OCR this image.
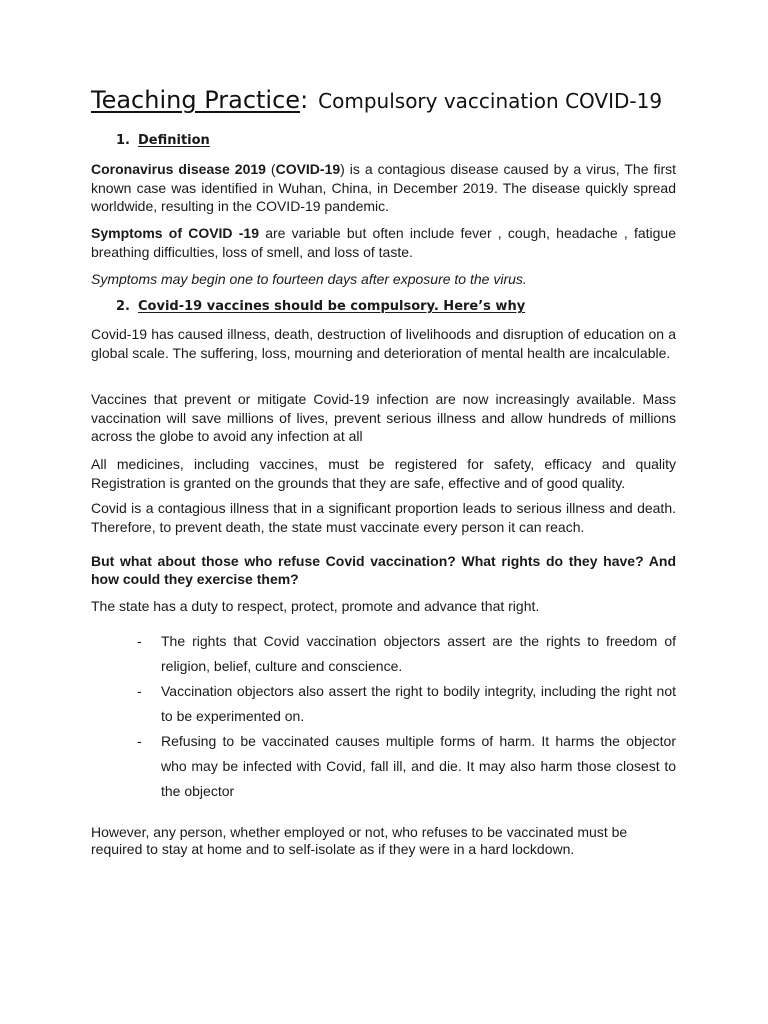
Teaching Practice: Compulsory vaccination COVID-19
1. Definition
Coronavirus disease 2019 (COVID-19) is a contagious disease caused by a virus, The first known case was identified in Wuhan, China, in December 2019. The disease quickly spread worldwide, resulting in the COVID-19 pandemic.
Symptoms of COVID -19 are variable but often include fever , cough, headache , fatigue breathing difficulties, loss of smell, and loss of taste.
Symptoms may begin one to fourteen days after exposure to the virus.
2. Covid-19 vaccines should be compulsory. Here’s why
Covid-19 has caused illness, death, destruction of livelihoods and disruption of education on a global scale. The suffering, loss, mourning and deterioration of mental health are incalculable.
Vaccines that prevent or mitigate Covid-19 infection are now increasingly available. Mass vaccination will save millions of lives, prevent serious illness and allow hundreds of millions across the globe to avoid any infection at all
All medicines, including vaccines, must be registered for safety, efficacy and quality Registration is granted on the grounds that they are safe, effective and of good quality.
Covid is a contagious illness that in a significant proportion leads to serious illness and death. Therefore, to prevent death, the state must vaccinate every person it can reach.
But what about those who refuse Covid vaccination? What rights do they have? And how could they exercise them?
The state has a duty to respect, protect, promote and advance that right.
- The rights that Covid vaccination objectors assert are the rights to freedom of religion, belief, culture and conscience.
- Vaccination objectors also assert the right to bodily integrity, including the right not to be experimented on.
- Refusing to be vaccinated causes multiple forms of harm. It harms the objector who may be infected with Covid, fall ill, and die. It may also harm those closest to the objector
However, any person, whether employed or not, who refuses to be vaccinated must be required to stay at home and to self-isolate as if they were in a hard lockdown.
